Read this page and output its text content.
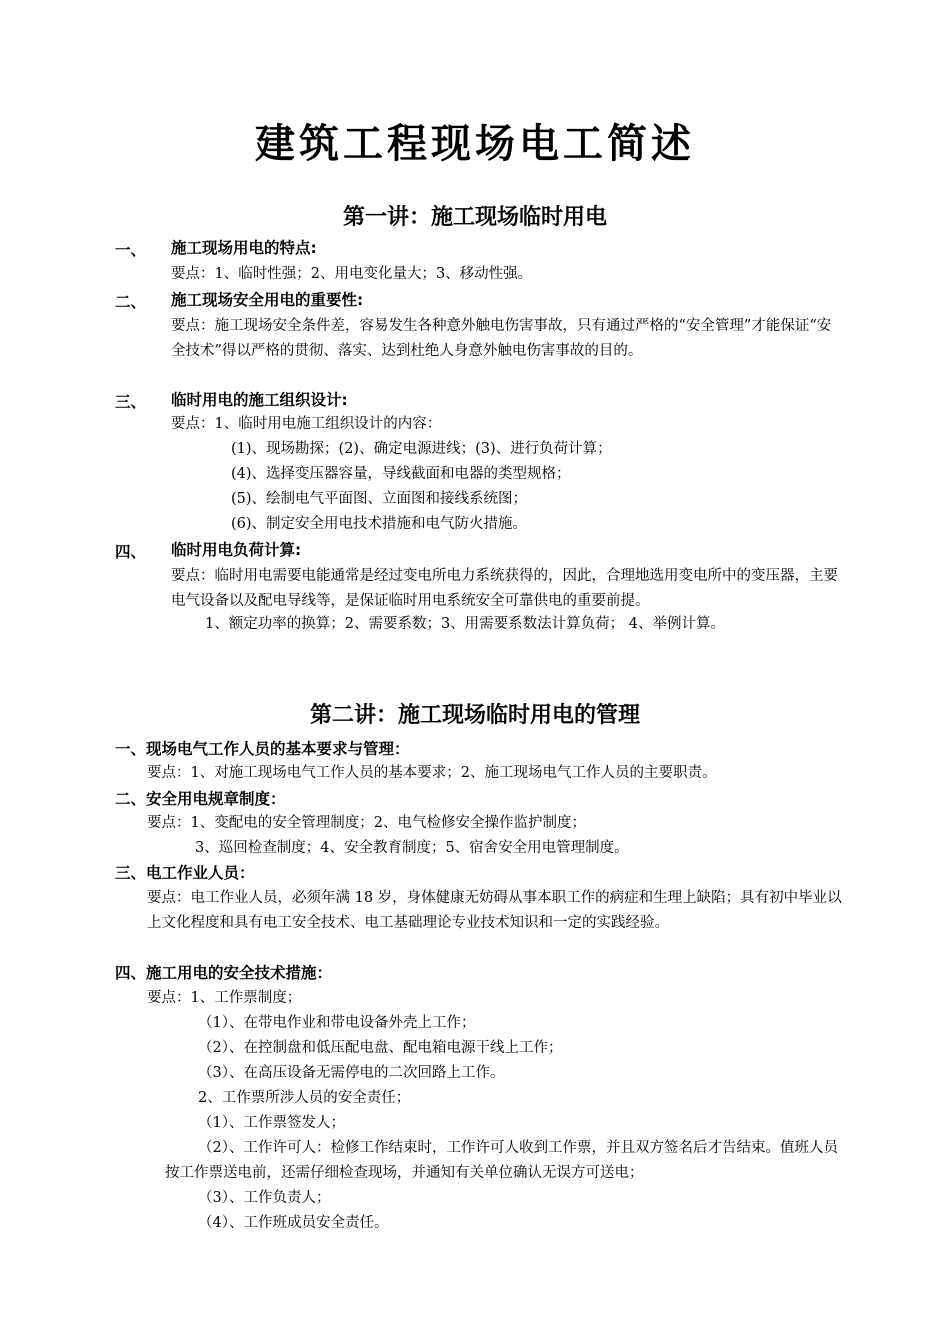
建筑工程现场电工简述
第一讲：施工现场临时用电
一、 施工现场用电的特点:
要点：1、临时性强；2、用电变化量大；3、移动性强。
二、 施工现场安全用电的重要性:
要点：施工现场安全条件差，容易发生各种意外触电伤害事故，只有通过严格的“安全管理”才能保证“安全技术”得以严格的贯彻、落实、达到杜绝人身意外触电伤害事故的目的。
三、 临时用电的施工组织设计:
要点：1、临时用电施工组织设计的内容：
(1)、现场勘探；(2)、确定电源进线；(3)、进行负荷计算；
(4)、选择变压器容量，导线截面和电器的类型规格；
(5)、绘制电气平面图、立面图和接线系统图；
(6)、制定安全用电技术措施和电气防火措施。
四、 临时用电负荷计算:
要点：临时用电需要电能通常是经过变电所电力系统获得的，因此，合理地选用变电所中的变压器，主要电气设备以及配电导线等，是保证临时用电系统安全可靠供电的重要前提。
1、额定功率的换算；2、需要系数；3、用需要系数法计算负荷； 4、举例计算。
第二讲：施工现场临时用电的管理
一、现场电气工作人员的基本要求与管理：
要点：1、对施工现场电气工作人员的基本要求；2、施工现场电气工作人员的主要职责。
二、安全用电规章制度：
要点：1、变配电的安全管理制度；2、电气检修安全操作监护制度；
3、巡回检查制度；4、安全教育制度；5、宿舍安全用电管理制度。
三、电工作业人员：
要点：电工作业人员，必须年满 18 岁，身体健康无妨碍从事本职工作的病症和生理上缺陷；具有初中毕业以上文化程度和具有电工安全技术、电工基础理论专业技术知识和一定的实践经验。
四、施工用电的安全技术措施：
要点：1、工作票制度；
（1）、在带电作业和带电设备外壳上工作；
（2）、在控制盘和低压配电盘、配电箱电源干线上工作；
（3）、在高压设备无需停电的二次回路上工作。
2、工作票所涉人员的安全责任；
（1）、工作票签发人；
（2）、工作许可人：检修工作结束时，工作许可人收到工作票，并且双方签名后才告结束。值班人员按工作票送电前，还需仔细检查现场，并通知有关单位确认无误方可送电；
（3）、工作负责人；
（4）、工作班成员安全责任。
